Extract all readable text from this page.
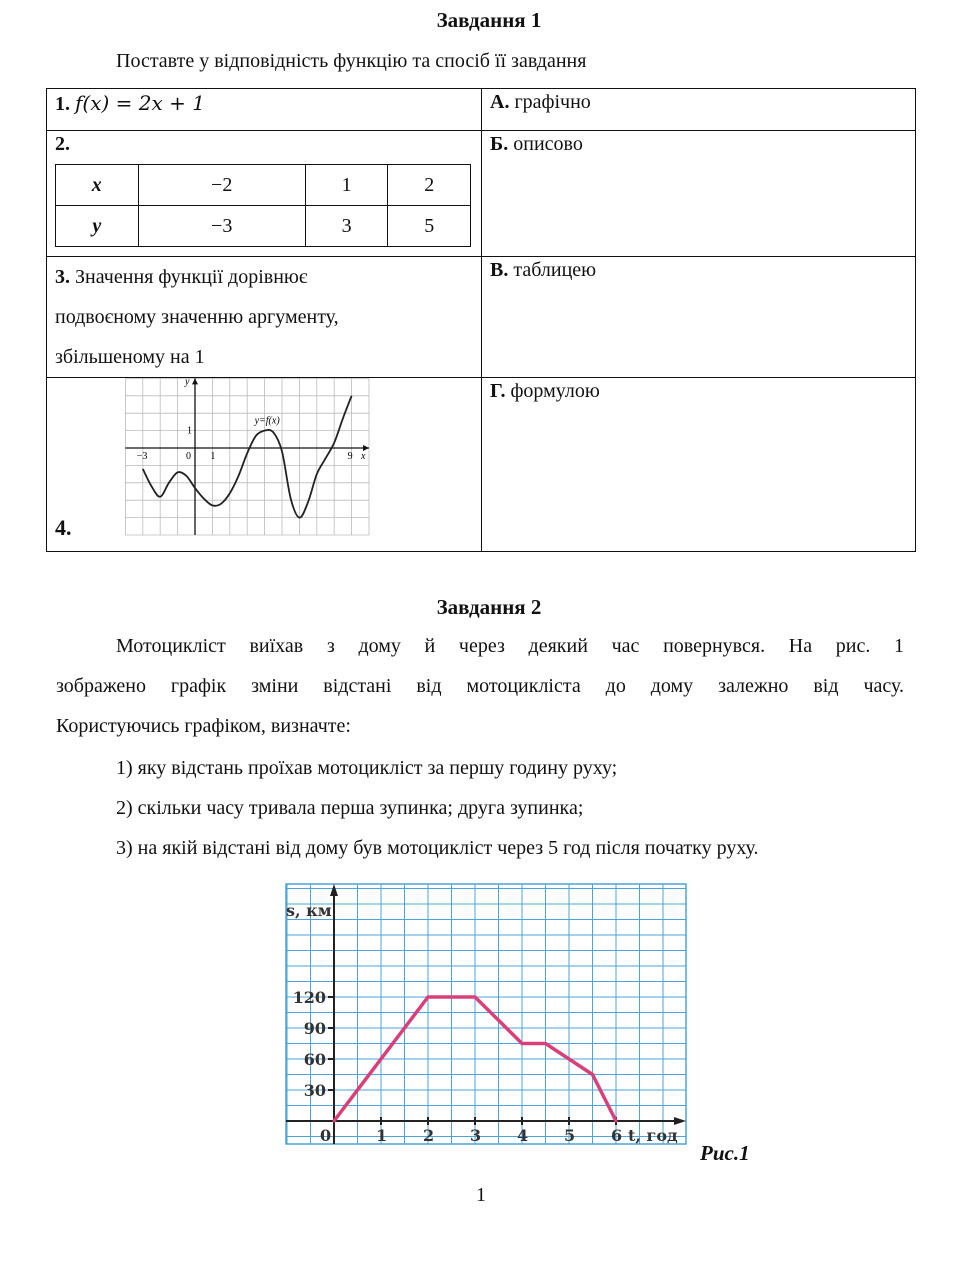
Завдання 1
Поставте у відповідність функцію та спосіб її завдання
1. f(x) = 2x + 1	А. графічно
2.
x	−2	1	2
y	−3	3	5
	Б. описово
3. Значення функції дорівнює
подвоєному значенню аргументу,
збільшеному на 1	В. таблицею

4.
−3	0 1	9
1
x
y
y=f(x)
	Г. формулою
Завдання 2
Мотоцикліст виїхав з дому й через деякий час повернувся. На рис. 1
зображено графік зміни відстані від мотоцикліста до дому залежно від часу.
Користуючись графіком, визначте:
1) яку відстань проїхав мотоцикліст за першу годину руху;
2) скільки часу тривала перша зупинка; друга зупинка;
3) на якій відстані від дому був мотоцикліст через 5 год після початку руху.
0	1 2 3 4 5 6
30
60
90
120
s, км
t, год
Рис.1
1
